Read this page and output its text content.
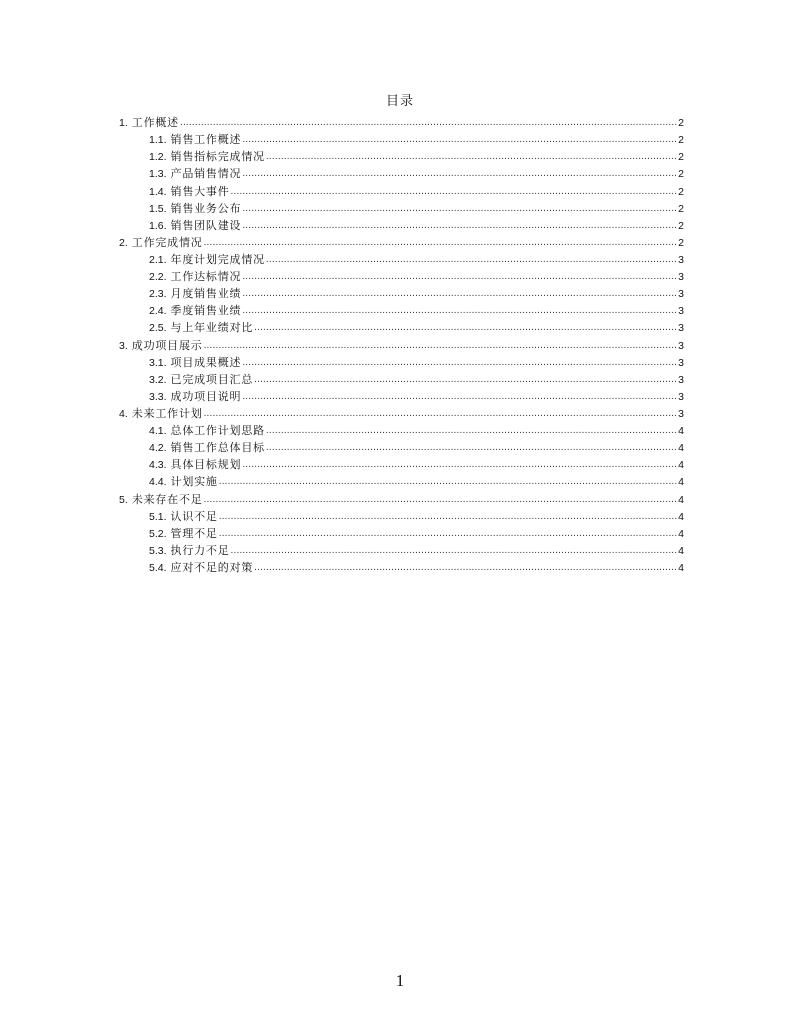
目录
1. 工作概述 .....	2
1.1. 销售工作概述 .....	2
1.2. 销售指标完成情况 .....	2
1.3. 产品销售情况 .....	2
1.4. 销售大事件 .....	2
1.5. 销售业务公布 .....	2
1.6. 销售团队建设 .....	2
2. 工作完成情况 .....	2
2.1. 年度计划完成情况 .....	3
2.2. 工作达标情况 .....	3
2.3. 月度销售业绩 .....	3
2.4. 季度销售业绩 .....	3
2.5. 与上年业绩对比 .....	3
3. 成功项目展示 .....	3
3.1. 项目成果概述 .....	3
3.2. 已完成项目汇总 .....	3
3.3. 成功项目说明 .....	3
4. 未来工作计划 .....	3
4.1. 总体工作计划思路 .....	4
4.2. 销售工作总体目标 .....	4
4.3. 具体目标规划 .....	4
4.4. 计划实施 .....	4
5. 未来存在不足 .....	4
5.1. 认识不足 .....	4
5.2. 管理不足 .....	4
5.3. 执行力不足 .....	4
5.4. 应对不足的对策 .....	4
1
